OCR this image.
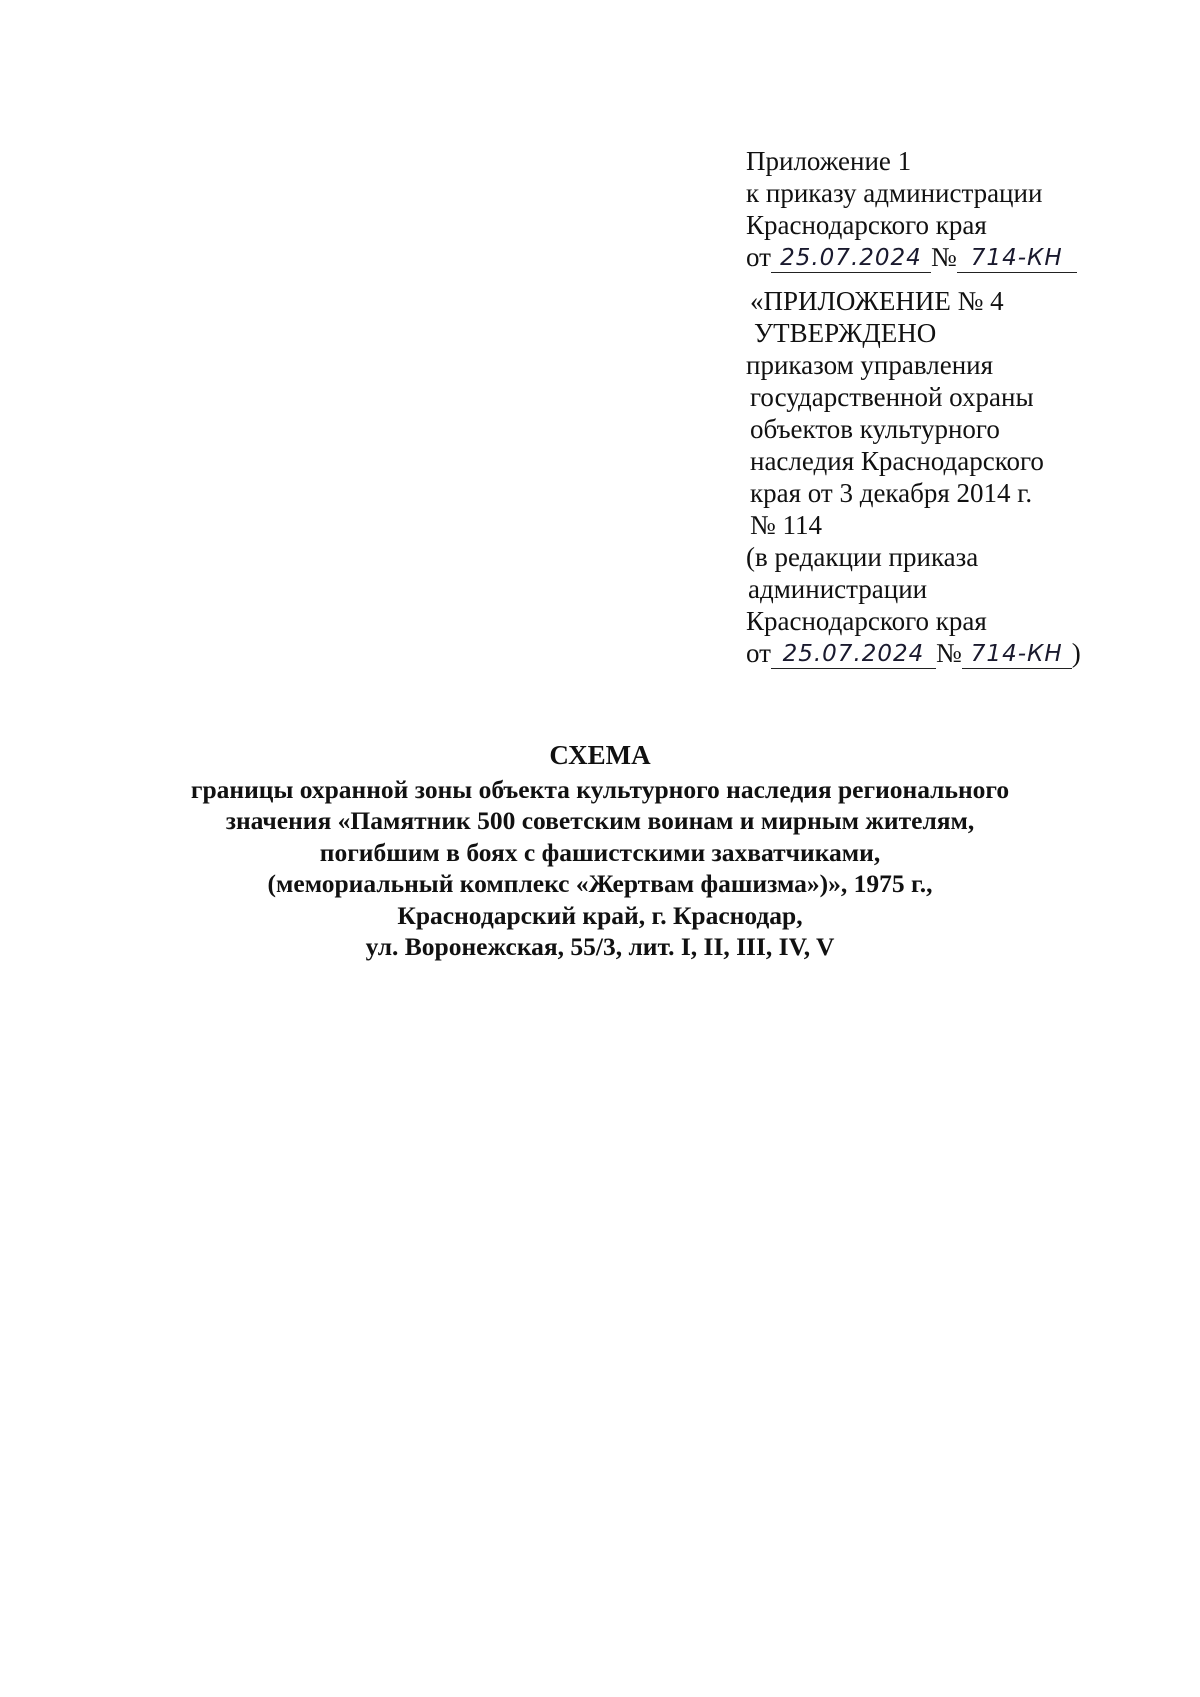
Приложение 1
к приказу администрации
Краснодарского края
от 25.07.2024 № 714-КН
«ПРИЛОЖЕНИЕ № 4
УТВЕРЖДЕНО
приказом управления
государственной охраны
объектов культурного
наследия Краснодарского
края от 3 декабря 2014 г.
№ 114
(в редакции приказа
администрации
Краснодарского края
от 25.07.2024 № 714-КН )
СХЕМА
границы охранной зоны объекта культурного наследия регионального
значения «Памятник 500 советским воинам и мирным жителям,
погибшим в боях с фашистскими захватчиками,
(мемориальный комплекс «Жертвам фашизма»)», 1975 г.,
Краснодарский край, г. Краснодар,
ул. Воронежская, 55/3, лит. I, II, III, IV, V
